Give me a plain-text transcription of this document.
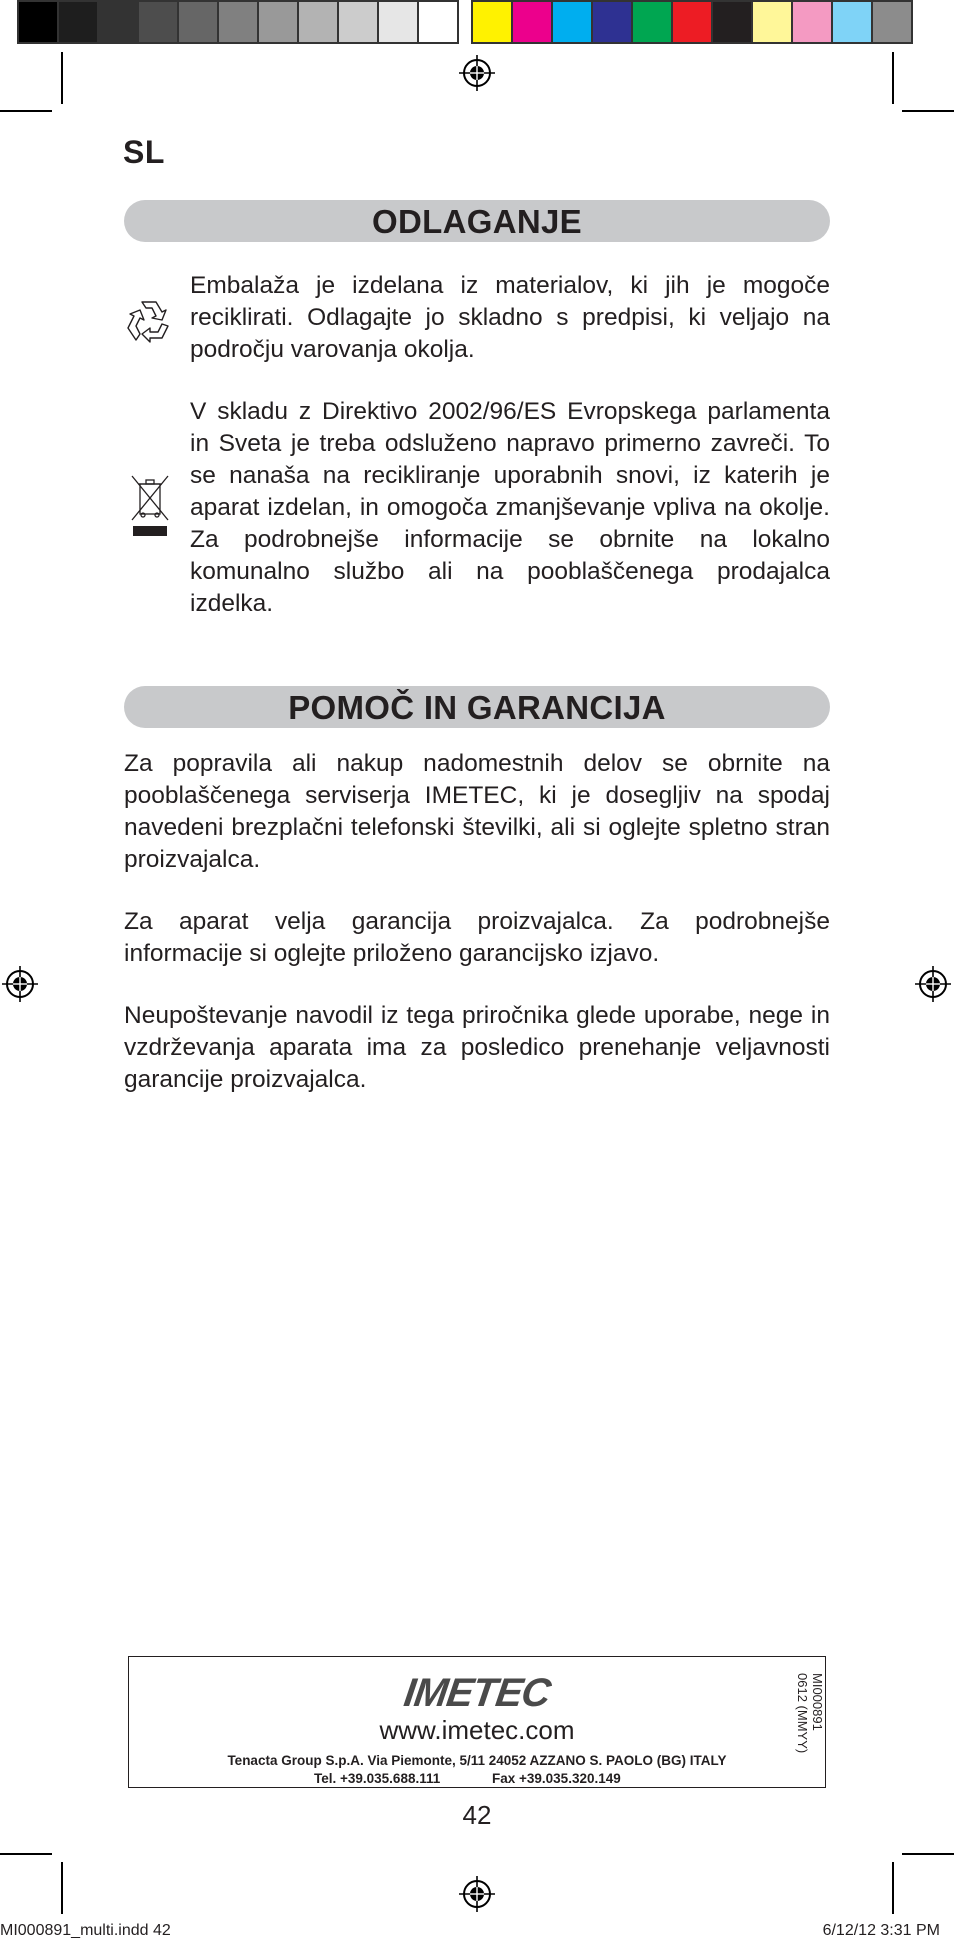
SL
ODLAGANJE
Embalaža je izdelana iz materialov, ki jih je mogoče reciklirati. Odlagajte jo skladno s predpisi, ki veljajo na področju varovanja okolja.
V skladu z Direktivo 2002/96/ES Evropskega parlamenta in Sveta je treba odsluženo napravo primerno zavreči. To se nanaša na recikliranje uporabnih snovi, iz katerih je aparat izdelan, in omogoča zmanjševanje vpliva na okolje. Za podrobnejše informacije se obrnite na lokalno komunalno službo ali na pooblaščenega prodajalca izdelka.
POMOČ IN GARANCIJA
Za popravila ali nakup nadomestnih delov se obrnite na pooblaščenega serviserja IMETEC, ki je dosegljiv na spodaj navedeni brezplačni telefonski številki, ali si oglejte spletno stran proizvajalca.
Za aparat velja garancija proizvajalca. Za podrobnejše informacije si oglejte priloženo garancijsko izjavo.
Neupoštevanje navodil iz tega priročnika glede uporabe, nege in vzdrževanja aparata ima za posledico prenehanje veljavnosti garancije proizvajalca.
IMETEC
www.imetec.com
Tenacta Group S.p.A. Via Piemonte, 5/11 24052 AZZANO S. PAOLO (BG) ITALY
Tel. +39.035.688.111	Fax +39.035.320.149
MI000891
0612 (MMYY)
42
MI000891_multi.indd 42	6/12/12 3:31 PM
